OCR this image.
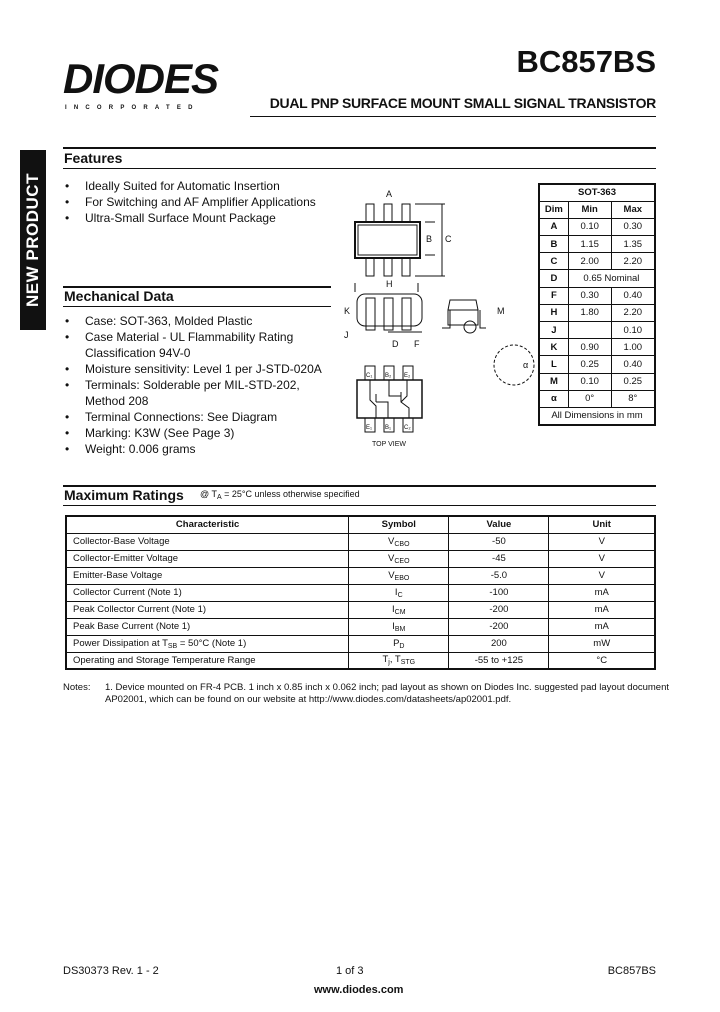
DIODES
INCORPORATED
BC857BS
DUAL PNP SURFACE MOUNT SMALL SIGNAL TRANSISTOR
NEW PRODUCT
Features
• Ideally Suited for Automatic Insertion
• For Switching and AF Amplifier Applications
• Ultra-Small Surface Mount Package
Mechanical Data
• Case: SOT-363, Molded Plastic
• Case Material - UL Flammability Rating Classification 94V-0
• Moisture sensitivity: Level 1 per J-STD-020A
• Terminals: Solderable per MIL-STD-202, Method 208
• Terminal Connections: See Diagram
• Marking: K3W (See Page 3)
• Weight: 0.006 grams
A
B C
H
K
J
D F
M
α
C₁ B₂ E₂
E₁ B₁ C₂
TOP VIEW
SOT-363		
Dim	Min	Max
A	0.10	0.30
B	1.15	1.35
C	2.00	2.20
D	0.65 Nominal	
F	0.30	0.40
H	1.80	2.20
J		0.10
K	0.90	1.00
L	0.25	0.40
M	0.10	0.25
α	0°	8°
All Dimensions in mm		
Maximum Ratings @ $T_A = 25^\circ C$ unless otherwise specified
Characteristic	Symbol	Value	Unit
Collector-Base Voltage	$V_{CBO}$	-50	V
Collector-Emitter Voltage	$V_{CEO}$	-45	V
Emitter-Base Voltage	$V_{EBO}$	-5.0	V
Collector Current (Note 1)	$I_C$	-100	mA
Peak Collector Current (Note 1)	$I_{CM}$	-200	mA
Peak Base Current (Note 1)	$I_{BM}$	-200	mA
Power Dissipation at $T_{SB} = 50^\circ C$ (Note 1)	$P_D$	200	mW
Operating and Storage Temperature Range	$T_j$, $T_{STG}$	-55 to +125	°C
Notes: 1. Device mounted on FR-4 PCB. 1 inch x 0.85 inch x 0.062 inch; pad layout as shown on Diodes Inc. suggested pad layout document AP02001, which can be found on our website at http://www.diodes.com/datasheets/ap02001.pdf.
DS30373 Rev. 1 - 2	1 of 3	BC857BS
www.diodes.com
